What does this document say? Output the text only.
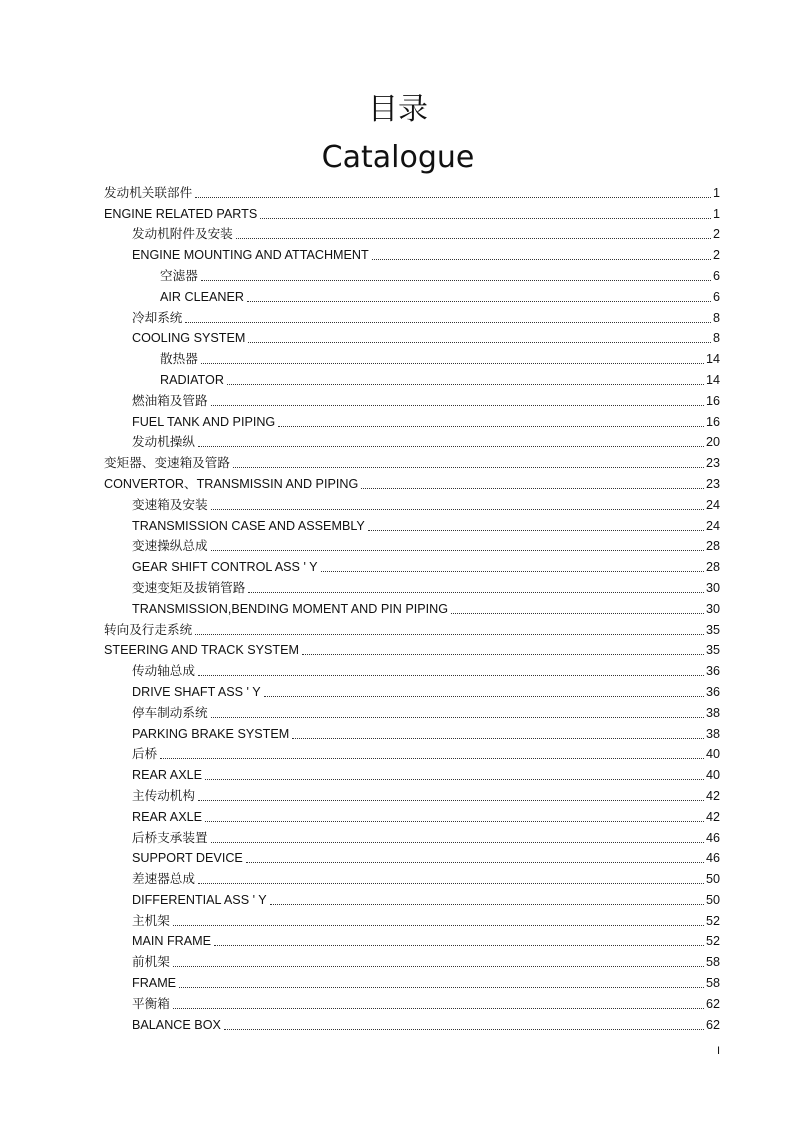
目录
Catalogue
发动机关联部件	1
ENGINE RELATED PARTS	1
发动机附件及安装	2
ENGINE MOUNTING AND ATTACHMENT	2
空滤器	6
AIR CLEANER	6
冷却系统	8
COOLING SYSTEM	8
散热器	14
RADIATOR	14
燃油箱及管路	16
FUEL TANK AND PIPING	16
发动机操纵	20
变矩器、变速箱及管路	23
CONVERTOR、TRANSMISSIN AND PIPING	23
变速箱及安装	24
TRANSMISSION CASE AND ASSEMBLY	24
变速操纵总成	28
GEAR SHIFT CONTROL ASS ' Y	28
变速变矩及拔销管路	30
TRANSMISSION,BENDING MOMENT AND PIN PIPING	30
转向及行走系统	35
STEERING AND TRACK SYSTEM	35
传动轴总成	36
DRIVE SHAFT ASS ' Y	36
停车制动系统	38
PARKING BRAKE SYSTEM	38
后桥	40
REAR AXLE	40
主传动机构	42
REAR AXLE	42
后桥支承装置	46
SUPPORT DEVICE	46
差速器总成	50
DIFFERENTIAL ASS ' Y	50
主机架	52
MAIN FRAME	52
前机架	58
FRAME	58
平衡箱	62
BALANCE BOX	62
I
